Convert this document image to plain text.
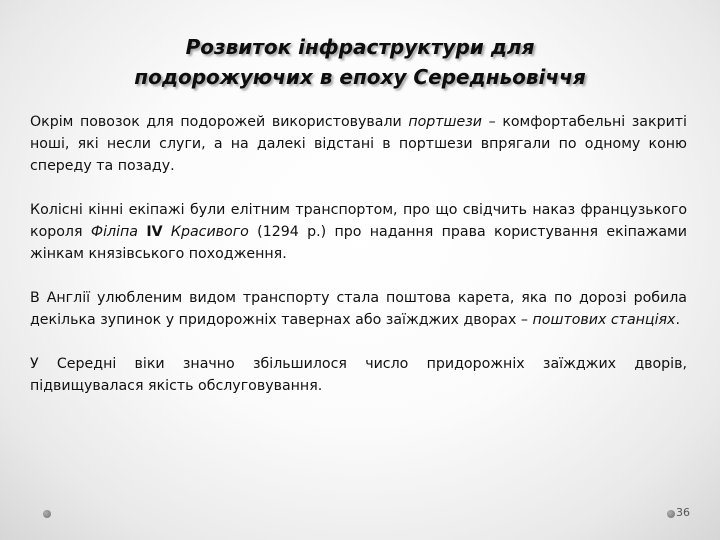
Розвиток інфраструктури для
подорожуючих в епоху Середньовіччя

Окрім повозок для подорожей використовували портшези – комфортабельні закриті ноші, які несли слуги, а на далекі відстані в портшези впрягали по одному коню спереду та позаду.

Колісні кінні екіпажі були елітним транспортом, про що свідчить наказ французького короля Філіпа IV Красивого (1294 р.) про надання права користування екіпажами жінкам князівського походження.

В Англії улюбленим видом транспорту стала поштова карета, яка по дорозі робила декілька зупинок у придорожніх тавернах або заїжджих дворах – поштових станціях.

У Середні віки значно збільшилося число придорожніх заїжджих дворів, підвищувалася якість обслуговування.

36
